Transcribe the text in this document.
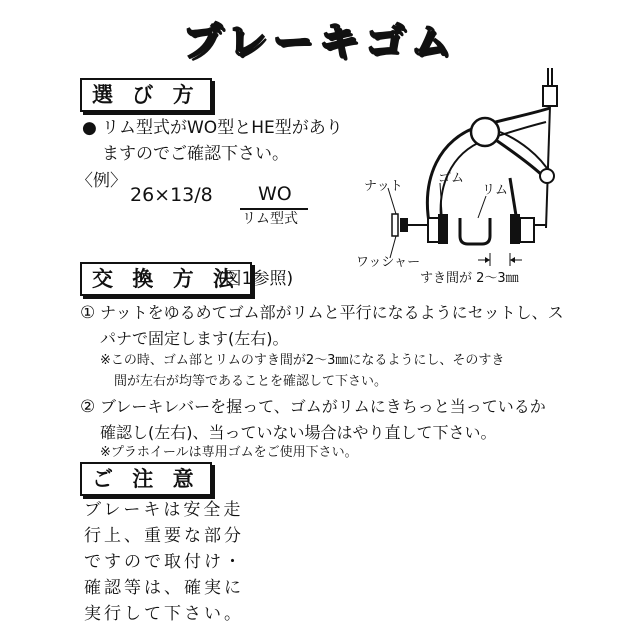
ブレーキゴム
選 び 方
● リム型式がWO型とHE型があり
ますのでご確認下さい。
〈例〉
26×13/8 WO
リム型式
ナット
ゴム
リム
ワッシャー
すき間が 2〜3㎜
交 換 方 法
(図1参照)
① ナットをゆるめてゴム部がリムと平行になるようにセットし、ス
パナで固定します(左右)。
※この時、ゴム部とリムのすき間が2〜3㎜になるようにし、そのすき
間が左右が均等であることを確認して下さい。
② ブレーキレバーを握って、ゴムがリムにきちっと当っているか
確認し(左右)、当っていない場合はやり直して下さい。
※プラホイールは専用ゴムをご使用下さい。
ご 注 意
ブレーキは安全走
行上、重要な部分
ですので取付け・
確認等は、確実に
実行して下さい。
